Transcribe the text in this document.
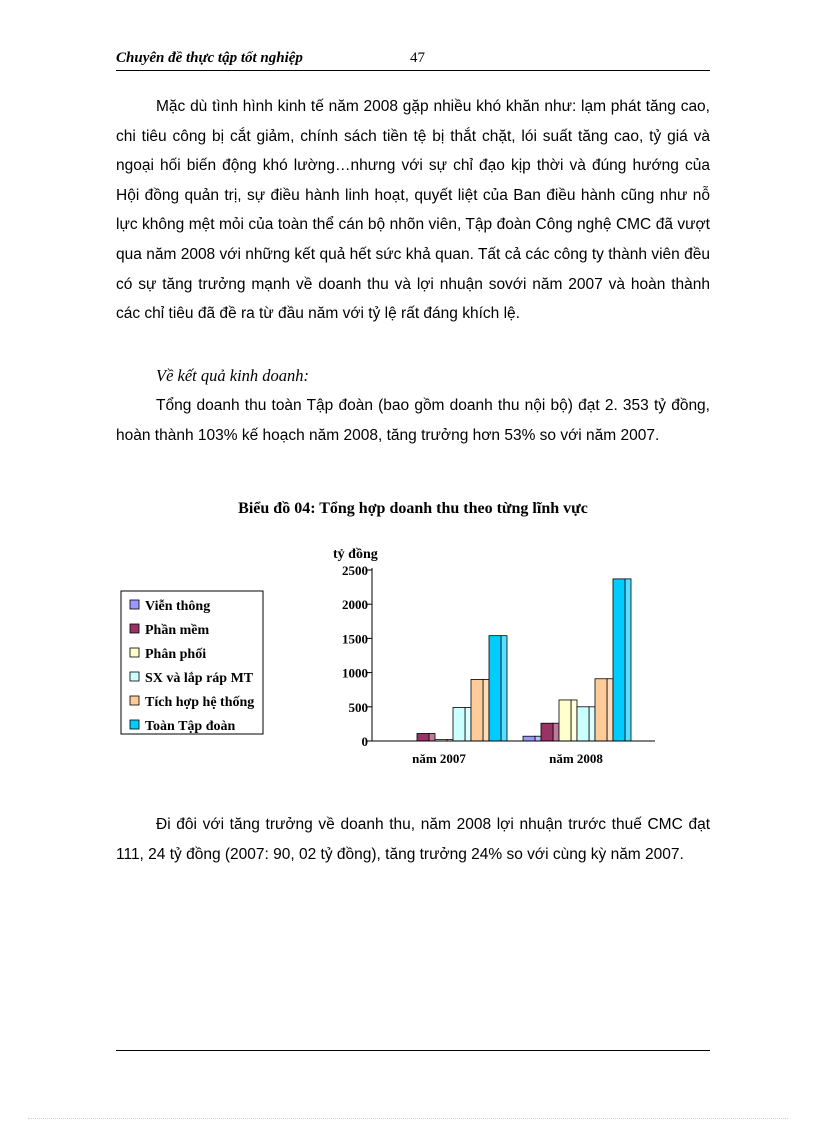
Chuyên đề thực tập tốt nghiệp	47
Mặc dù tình hình kinh tế năm 2008 gặp nhiều khó khăn như: lạm phát tăng cao, chi tiêu công bị cắt giảm, chính sách tiền tệ bị thắt chặt, lói suất tăng cao, tỷ giá và ngoại hối biến động khó lường…nhưng với sự chỉ đạo kịp thời và đúng hướng của Hội đồng quản trị, sự điều hành linh hoạt, quyết liệt của Ban điều hành cũng như nỗ lực không mệt mỏi của toàn thể cán bộ nhõn viên, Tập đoàn Công nghệ CMC đã vượt qua năm 2008 với những kết quả hết sức khả quan. Tất cả các công ty thành viên đều có sự tăng trưởng mạnh về doanh thu và lợi nhuận sovới năm 2007 và hoàn thành các chỉ tiêu đã đề ra từ đầu năm với tỷ lệ rất đáng khích lệ.
Về kết quả kinh doanh:
Tổng doanh thu toàn Tập đoàn (bao gồm doanh thu nội bộ) đạt 2. 353 tỷ đồng, hoàn thành 103% kế hoạch năm 2008, tăng trưởng hơn 53% so với năm 2007.
Biểu đồ 04: Tổng hợp doanh thu theo từng lĩnh vực
Viễn thông
Phần mềm
Phân phối
SX và lắp ráp MT
Tích hợp hệ thống
Toàn Tập đoàn
tỷ đồng
0
500
1000
1500
2000
2500
năm 2007	năm 2008
Đi đôi với tăng trưởng về doanh thu, năm 2008 lợi nhuận trước thuế CMC đạt 111, 24 tỷ đồng (2007: 90, 02 tỷ đồng), tăng trưởng 24% so với cùng kỳ năm 2007.
